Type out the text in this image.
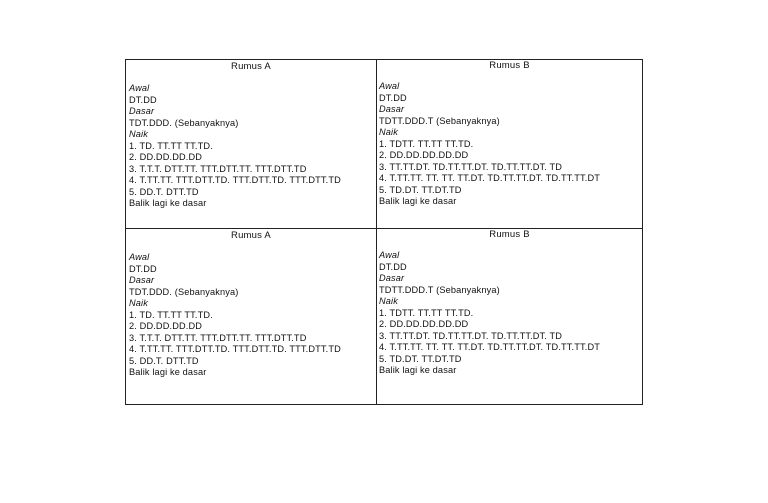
Rumus A
Awal
DT.DD
Dasar
TDT.DDD. (Sebanyaknya)
Naik
1. TD. TT.TT TT.TD.
2. DD.DD.DD.DD
3. T.T.T. DTT.TT. TTT.DTT.TT. TTT.DTT.TD
4. T.TT.TT. TTT.DTT.TD. TTT.DTT.TD. TTT.DTT.TD
5. DD.T. DTT.TD
Balik lagi ke dasar
Rumus B
Awal
DT.DD
Dasar
TDTT.DDD.T (Sebanyaknya)
Naik
1. TDTT. TT.TT TT.TD.
2. DD.DD.DD.DD.DD
3. TT.TT.DT. TD.TT.TT.DT. TD.TT.TT.DT. TD
4. T.TT.TT. TT. TT. TT.DT. TD.TT.TT.DT. TD.TT.TT.DT
5. TD.DT. TT.DT.TD
Balik lagi ke dasar
Rumus A
Awal
DT.DD
Dasar
TDT.DDD. (Sebanyaknya)
Naik
1. TD. TT.TT TT.TD.
2. DD.DD.DD.DD
3. T.T.T. DTT.TT. TTT.DTT.TT. TTT.DTT.TD
4. T.TT.TT. TTT.DTT.TD. TTT.DTT.TD. TTT.DTT.TD
5. DD.T. DTT.TD
Balik lagi ke dasar
Rumus B
Awal
DT.DD
Dasar
TDTT.DDD.T (Sebanyaknya)
Naik
1. TDTT. TT.TT TT.TD.
2. DD.DD.DD.DD.DD
3. TT.TT.DT. TD.TT.TT.DT. TD.TT.TT.DT. TD
4. T.TT.TT. TT. TT. TT.DT. TD.TT.TT.DT. TD.TT.TT.DT
5. TD.DT. TT.DT.TD
Balik lagi ke dasar
